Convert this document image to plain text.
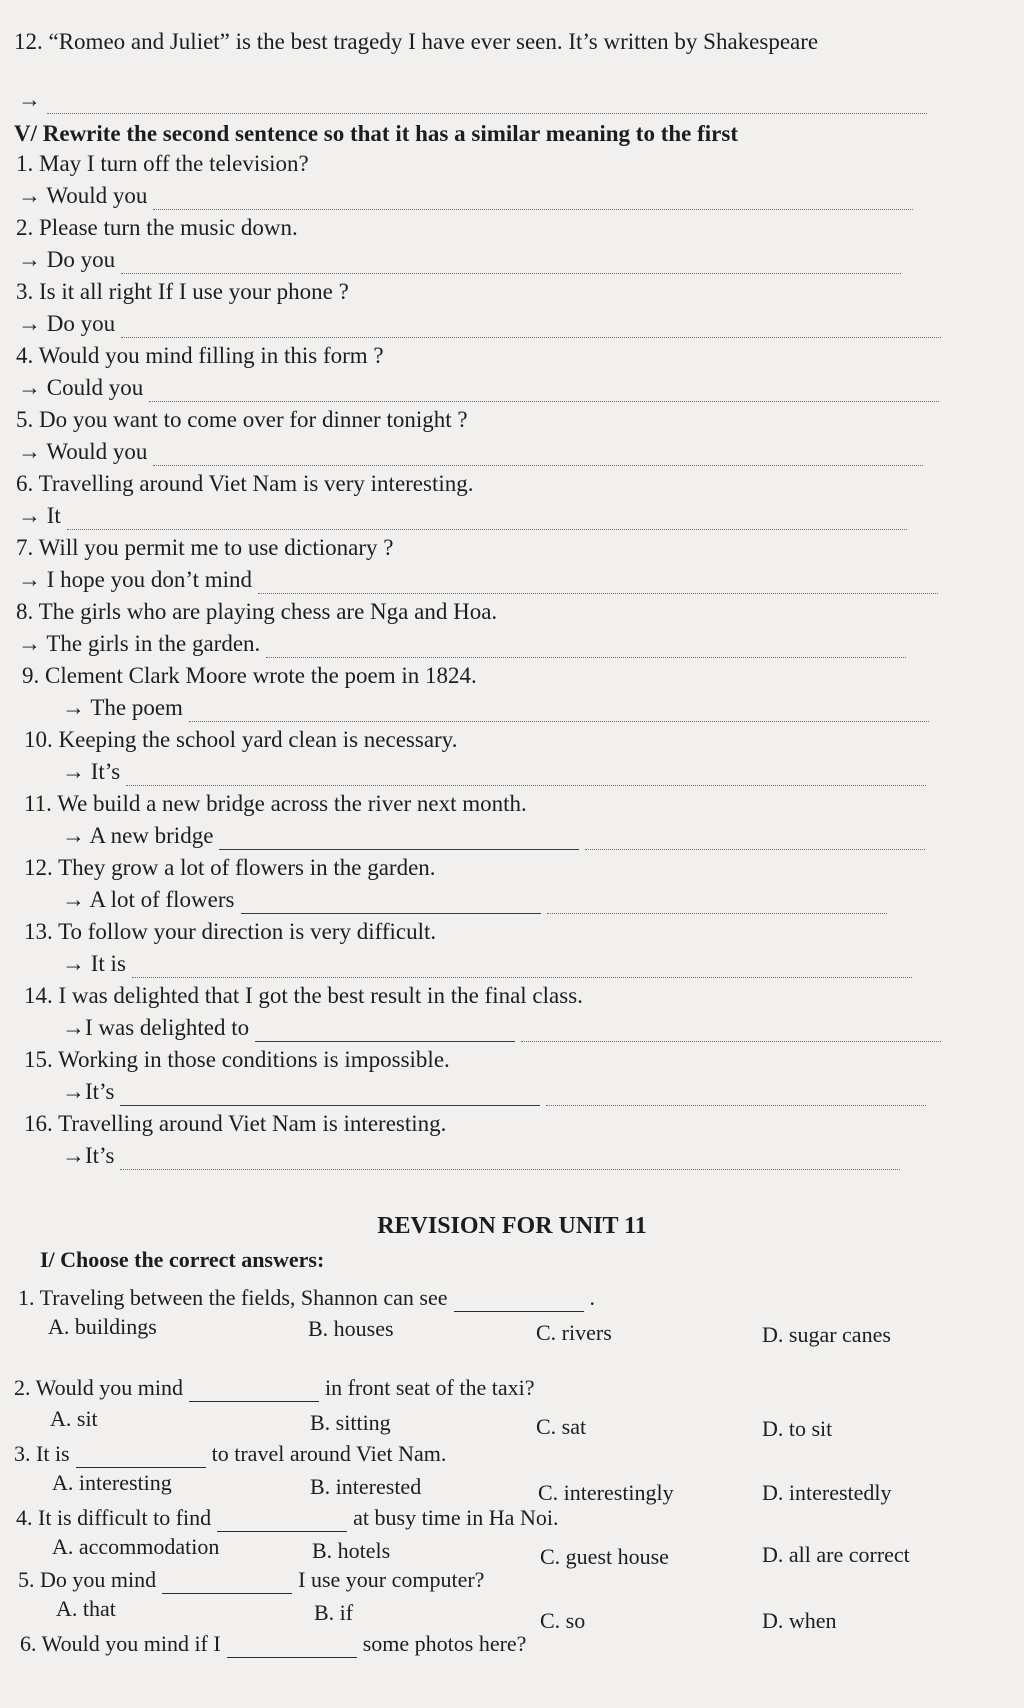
12. “Romeo and Juliet” is the best tragedy I have ever seen. It’s written by Shakespeare
→
V/ Rewrite the second sentence so that it has a similar meaning to the first
1. May I turn off the television?
→ Would you
2. Please turn the music down.
→ Do you
3. Is it all right If I use your phone ?
→ Do you
4. Would you mind filling in this form ?
→ Could you
5. Do you want to come over for dinner tonight ?
→ Would you
6. Travelling around Viet Nam is very interesting.
→ It
7. Will you permit me to use dictionary ?
→ I hope you don’t mind
8. The girls who are playing chess are Nga and Hoa.
→ The girls in the garden.
9. Clement Clark Moore wrote the poem in 1824.
→ The poem
10. Keeping the school yard clean is necessary.
→ It’s
11. We build a new bridge across the river next month.
→ A new bridge
12. They grow a lot of flowers in the garden.
→ A lot of flowers
13. To follow your direction is very difficult.
→ It is
14. I was delighted that I got the best result in the final class.
→I was delighted to
15. Working in those conditions is impossible.
→It’s
16. Travelling around Viet Nam is interesting.
→It’s
REVISION FOR UNIT 11
I/ Choose the correct answers:
1. Traveling between the fields, Shannon can see	.
A. buildings	B. houses	C. rivers	D. sugar canes
2. Would you mind	in front seat of the taxi?
A. sit	B. sitting	C. sat	D. to sit
3. It is	to travel around Viet Nam.
A. interesting	B. interested	C. interestingly	D. interestedly
4. It is difficult to find	at busy time in Ha Noi.
A. accommodation	B. hotels	C. guest house	D. all are correct
5. Do you mind	I use your computer?
A. that	B. if	C. so	D. when
6. Would you mind if I	some photos here?
